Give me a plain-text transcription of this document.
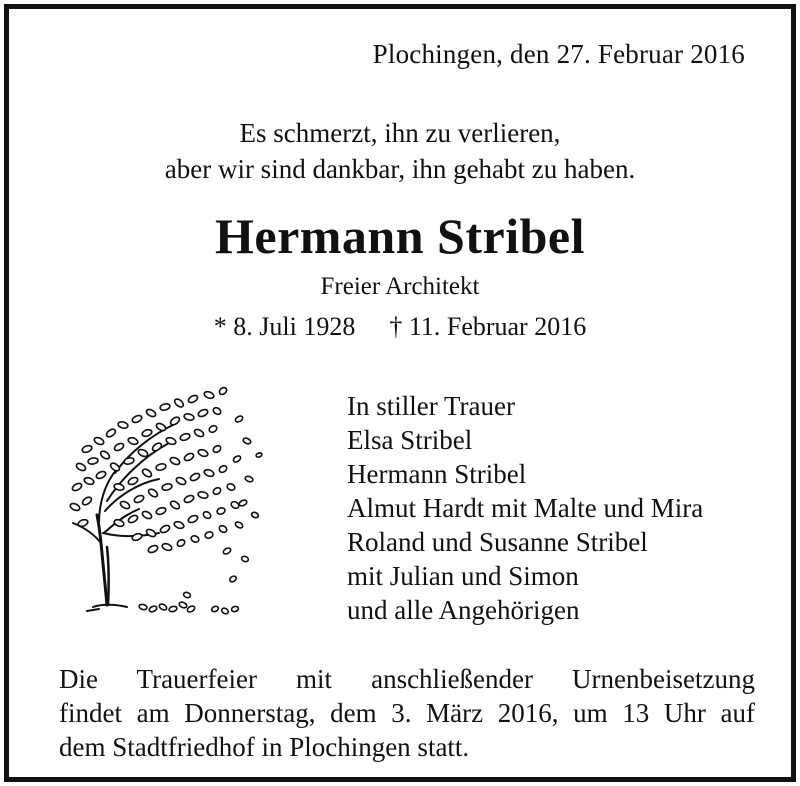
Plochingen, den 27. Februar 2016
Es schmerzt, ihn zu verlieren,
aber wir sind dankbar, ihn gehabt zu haben.
Hermann Stribel
Freier Architekt
* 8. Juli 1928 † 11. Februar 2016
In stiller Trauer
Elsa Stribel
Hermann Stribel
Almut Hardt mit Malte und Mira
Roland und Susanne Stribel
mit Julian und Simon
und alle Angehörigen
Die Trauerfeier mit anschließender Urnenbeisetzung
findet am Donnerstag, dem 3. März 2016, um 13 Uhr auf
dem Stadtfriedhof in Plochingen statt.
